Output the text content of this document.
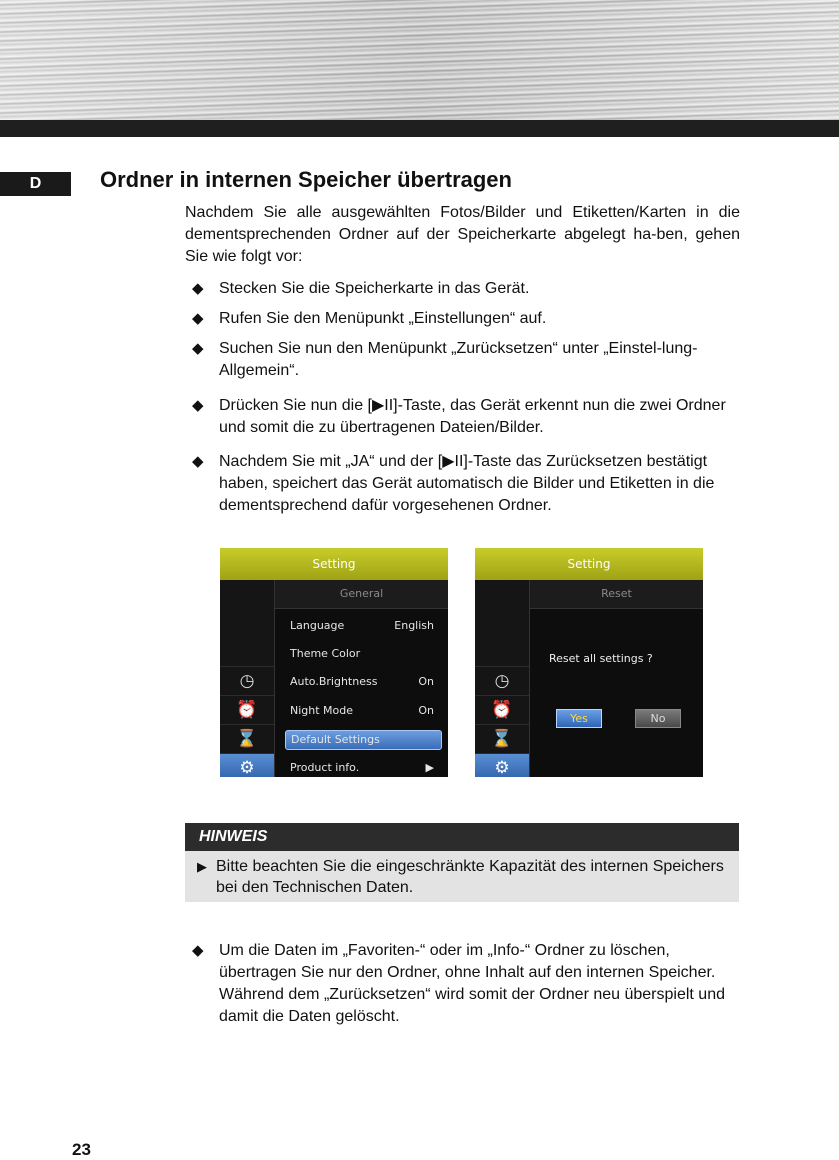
D	Ordner in internen Speicher übertragen
Nachdem Sie alle ausgewählten Fotos/Bilder und Etiketten/Karten in die dementsprechenden Ordner auf der Speicherkarte abgelegt ha-ben, gehen Sie wie folgt vor:
◆ Stecken Sie die Speicherkarte in das Gerät.
◆ Rufen Sie den Menüpunkt „Einstellungen“ auf.
◆ Suchen Sie nun den Menüpunkt „Zurücksetzen“ unter „Einstel-lung-Allgemein“.
◆ Drücken Sie nun die [▶II]-Taste, das Gerät erkennt nun die zwei Ordner und somit die zu übertragenen Dateien/Bilder.
◆ Nachdem Sie mit „JA“ und der [▶II]-Taste das Zurücksetzen bestätigt haben, speichert das Gerät automatisch die Bilder und Etiketten in die dementsprechend dafür vorgesehenen Ordner.
Setting
◷
⏰
⌛
⚙
General
Language	English
Theme Color
Auto.Brightness	On
Night Mode	On
Default Settings
Product info.	▶
Setting
◷
⏰
⌛
⚙
Reset
Reset all settings ?
Yes	No
HINWEIS
▶ Bitte beachten Sie die eingeschränkte Kapazität des internen Speichers bei den Technischen Daten.
◆ Um die Daten im „Favoriten-“ oder im „Info-“ Ordner zu löschen, übertragen Sie nur den Ordner, ohne Inhalt auf den internen Speicher. Während dem „Zurücksetzen“ wird somit der Ordner neu überspielt und damit die Daten gelöscht.
23
